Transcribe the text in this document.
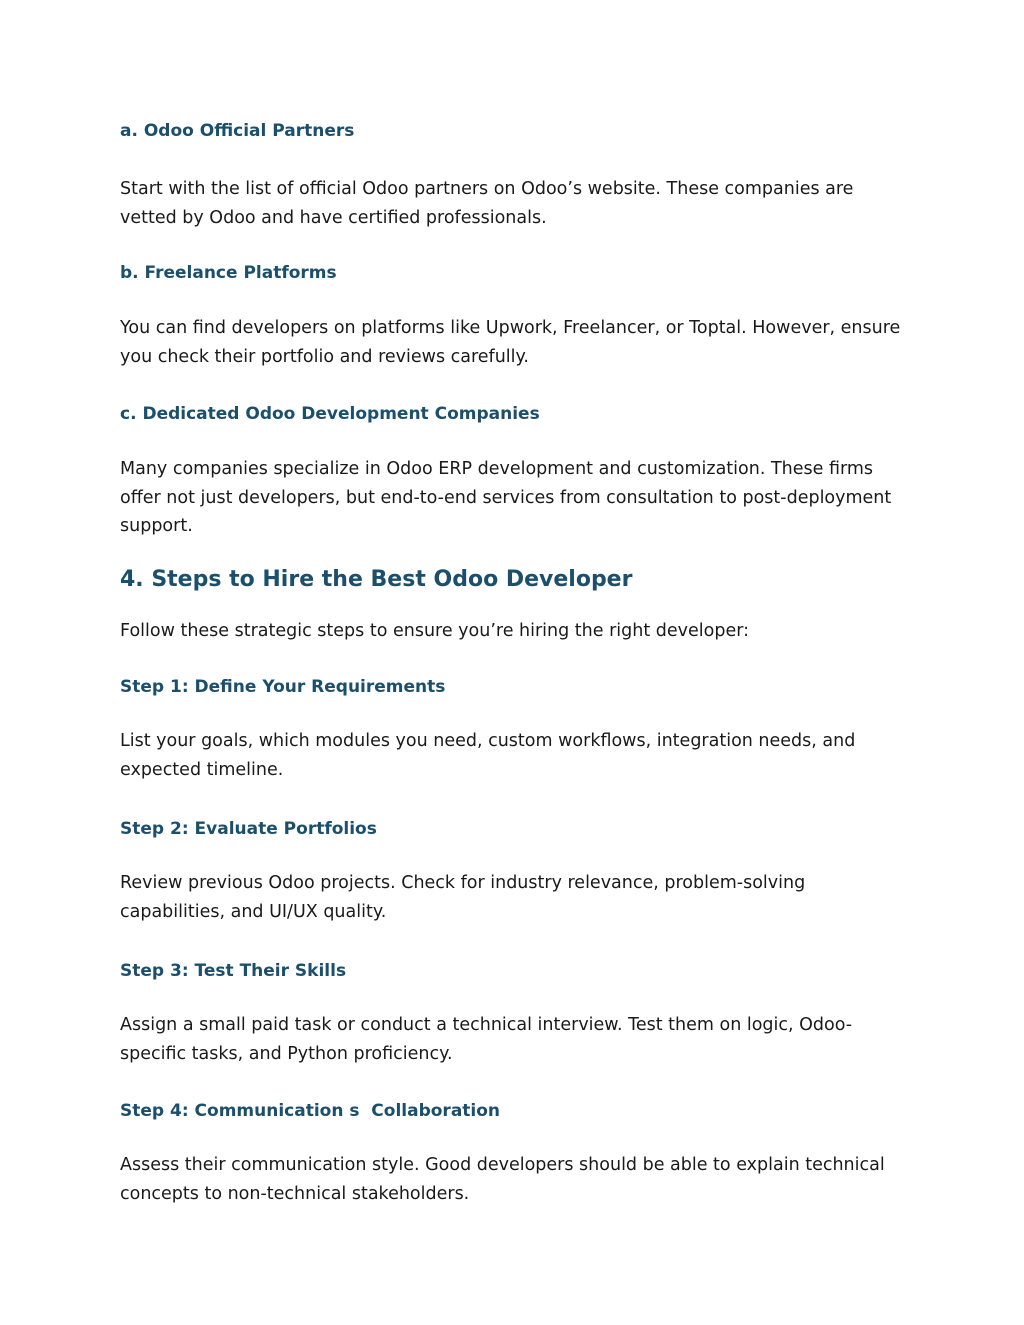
a. Odoo Official Partners

Start with the list of official Odoo partners on Odoo’s website. These companies are vetted by Odoo and have certified professionals.

b. Freelance Platforms

You can find developers on platforms like Upwork, Freelancer, or Toptal. However, ensure you check their portfolio and reviews carefully.

c. Dedicated Odoo Development Companies

Many companies specialize in Odoo ERP development and customization. These firms offer not just developers, but end-to-end services from consultation to post-deployment support.

4. Steps to Hire the Best Odoo Developer

Follow these strategic steps to ensure you’re hiring the right developer:

Step 1: Define Your Requirements

List your goals, which modules you need, custom workflows, integration needs, and expected timeline.

Step 2: Evaluate Portfolios

Review previous Odoo projects. Check for industry relevance, problem-solving capabilities, and UI/UX quality.

Step 3: Test Their Skills

Assign a small paid task or conduct a technical interview. Test them on logic, Odoo-specific tasks, and Python proficiency.

Step 4: Communication s  Collaboration

Assess their communication style. Good developers should be able to explain technical concepts to non-technical stakeholders.
